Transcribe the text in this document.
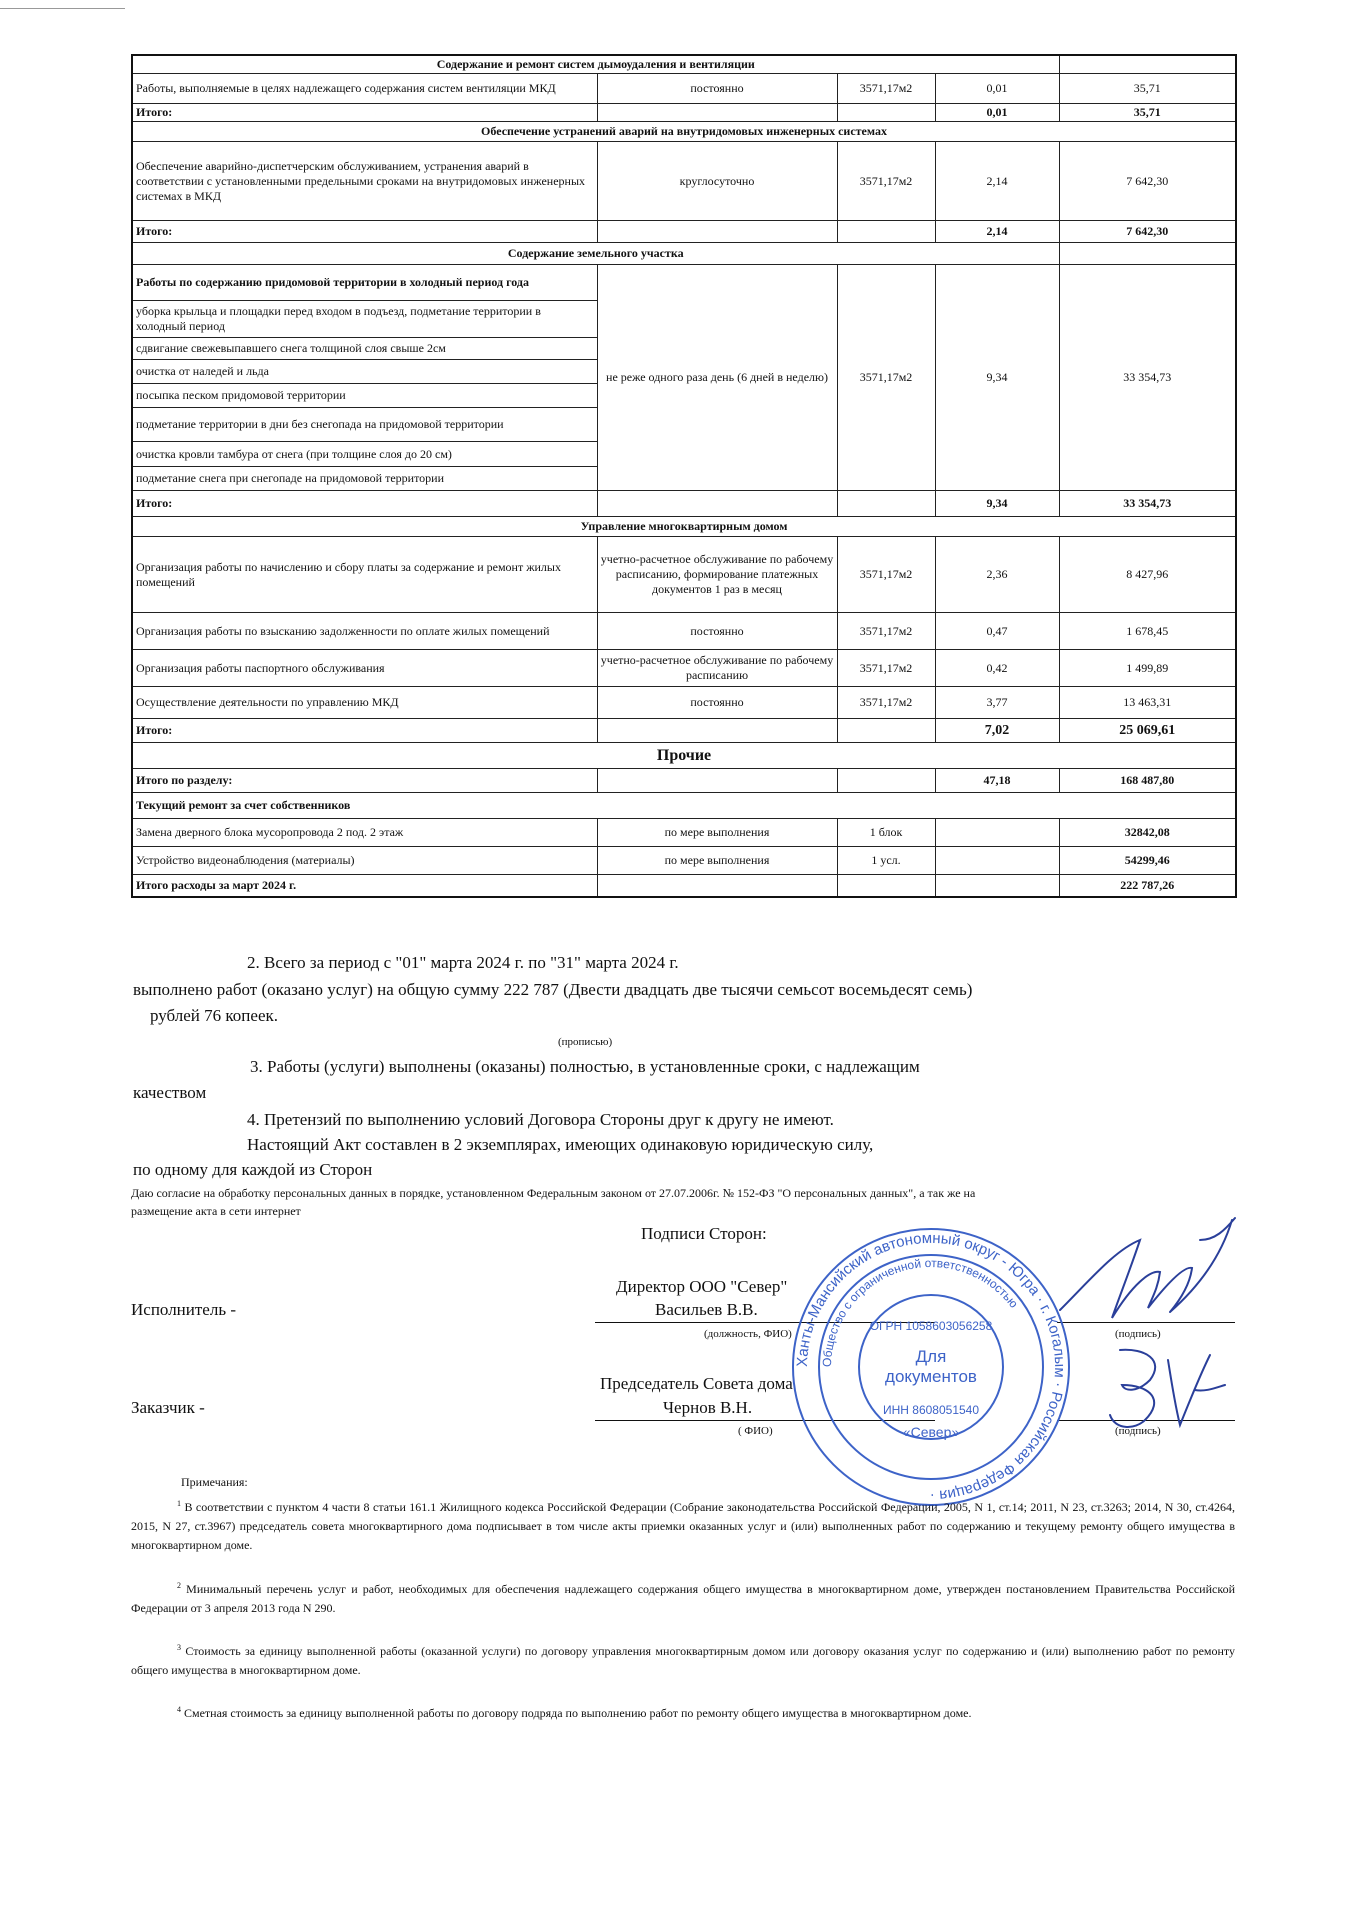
Содержание и ремонт систем дымоудаления и вентиляции				
Работы, выполняемые в целях надлежащего содержания систем вентиляции МКД	постоянно	3571,17м2	0,01	35,71
Итого:			0,01	35,71
Обеспечение устранений аварий на внутридомовых инженерных системах				
Обеспечение аварийно-диспетчерским обслуживанием, устранения аварий в соответствии с установленными предельными сроками на внутридомовых инженерных системах в МКД	круглосуточно	3571,17м2	2,14	7 642,30
Итого:			2,14	7 642,30
Содержание земельного участка				
Работы по содержанию придомовой территории в холодный период года	не реже одного раза день (6 дней в неделю)	3571,17м2	9,34	33 354,73
уборка крыльца и площадки перед входом в подъезд, подметание территории в холодный период				
сдвигание свежевыпавшего снега толщиной слоя свыше 2см				
очистка от наледей и льда				
посыпка песком придомовой территории				
подметание территории в дни без снегопада на придомовой территории				
очистка кровли тамбура от снега (при толщине слоя до 20 см)				
подметание снега при снегопаде на придомовой территории				
Итого:			9,34	33 354,73
Управление многоквартирным домом				
Организация работы по начислению и сбору платы за содержание и ремонт жилых помещений	учетно-расчетное обслуживание по рабочему расписанию, формирование платежных документов 1 раз в месяц	3571,17м2	2,36	8 427,96
Организация работы по взысканию задолженности по оплате жилых помещений	постоянно	3571,17м2	0,47	1 678,45
Организация работы паспортного обслуживания	учетно-расчетное обслуживание по рабочему расписанию	3571,17м2	0,42	1 499,89
Осуществление деятельности по управлению МКД	постоянно	3571,17м2	3,77	13 463,31
Итого:			7,02	25 069,61
Прочие				
Итого по разделу:			47,18	168 487,80
Текущий ремонт за счет собственников				
Замена дверного блока мусоропровода 2 под. 2 этаж	по мере выполнения	1 блок		32842,08
Устройство видеонаблюдения (материалы)	по мере выполнения	1 усл.		54299,46
Итого расходы за март 2024 г.				222 787,26
2. Всего за период с "01" марта 2024 г. по "31" марта 2024 г.
выполнено работ (оказано услуг) на общую сумму 222 787 (Двести двадцать две тысячи семьсот восемьдесят семь)
рублей 76 копеек.
(прописью)
3. Работы (услуги) выполнены (оказаны) полностью, в установленные сроки, с надлежащим
качеством
4. Претензий по выполнению условий Договора Стороны друг к другу не имеют.
Настоящий Акт составлен в 2 экземплярах, имеющих одинаковую юридическую силу,
по одному для каждой из Сторон
Даю согласие на обработку персональных данных в порядке, установленном Федеральным законом от 27.07.2006г. № 152-ФЗ "О персональных данных", а так же на
размещение акта в сети интернет
Подписи Сторон:
Исполнитель -
Директор ООО "Север"
Васильев В.В.
(должность, ФИО)	(подпись)
Заказчик -
Председатель Совета дома
Чернов В.Н.
( ФИО)	(подпись)
Ханты-Мансийский автономный округ - Югра · г. Когалым · Российская Федерация ·
Общество с ограниченной ответственностью
ОГРН 1058603056258
Для
документов
ИНН 8608051540
«Север»
Примечания:
$^1$ В соответствии с пунктом 4 части 8 статьи 161.1 Жилищного кодекса Российской Федерации (Собрание законодательства Российской Федерации, 2005, N 1, ст.14; 2011, N 23, ст.3263; 2014, N 30, ст.4264, 2015, N 27, ст.3967) председатель совета многоквартирного дома подписывает в том числе акты приемки оказанных услуг и (или) выполненных работ по содержанию и текущему ремонту общего имущества в многоквартирном доме.
$^2$ Минимальный перечень услуг и работ, необходимых для обеспечения надлежащего содержания общего имущества в многоквартирном доме, утвержден постановлением Правительства Российской Федерации от 3 апреля 2013 года N 290.
$^3$ Стоимость за единицу выполненной работы (оказанной услуги) по договору управления многоквартирным домом или договору оказания услуг по содержанию и (или) выполнению работ по ремонту общего имущества в многоквартирном доме.
$^4$ Сметная стоимость за единицу выполненной работы по договору подряда по выполнению работ по ремонту общего имущества в многоквартирном доме.
